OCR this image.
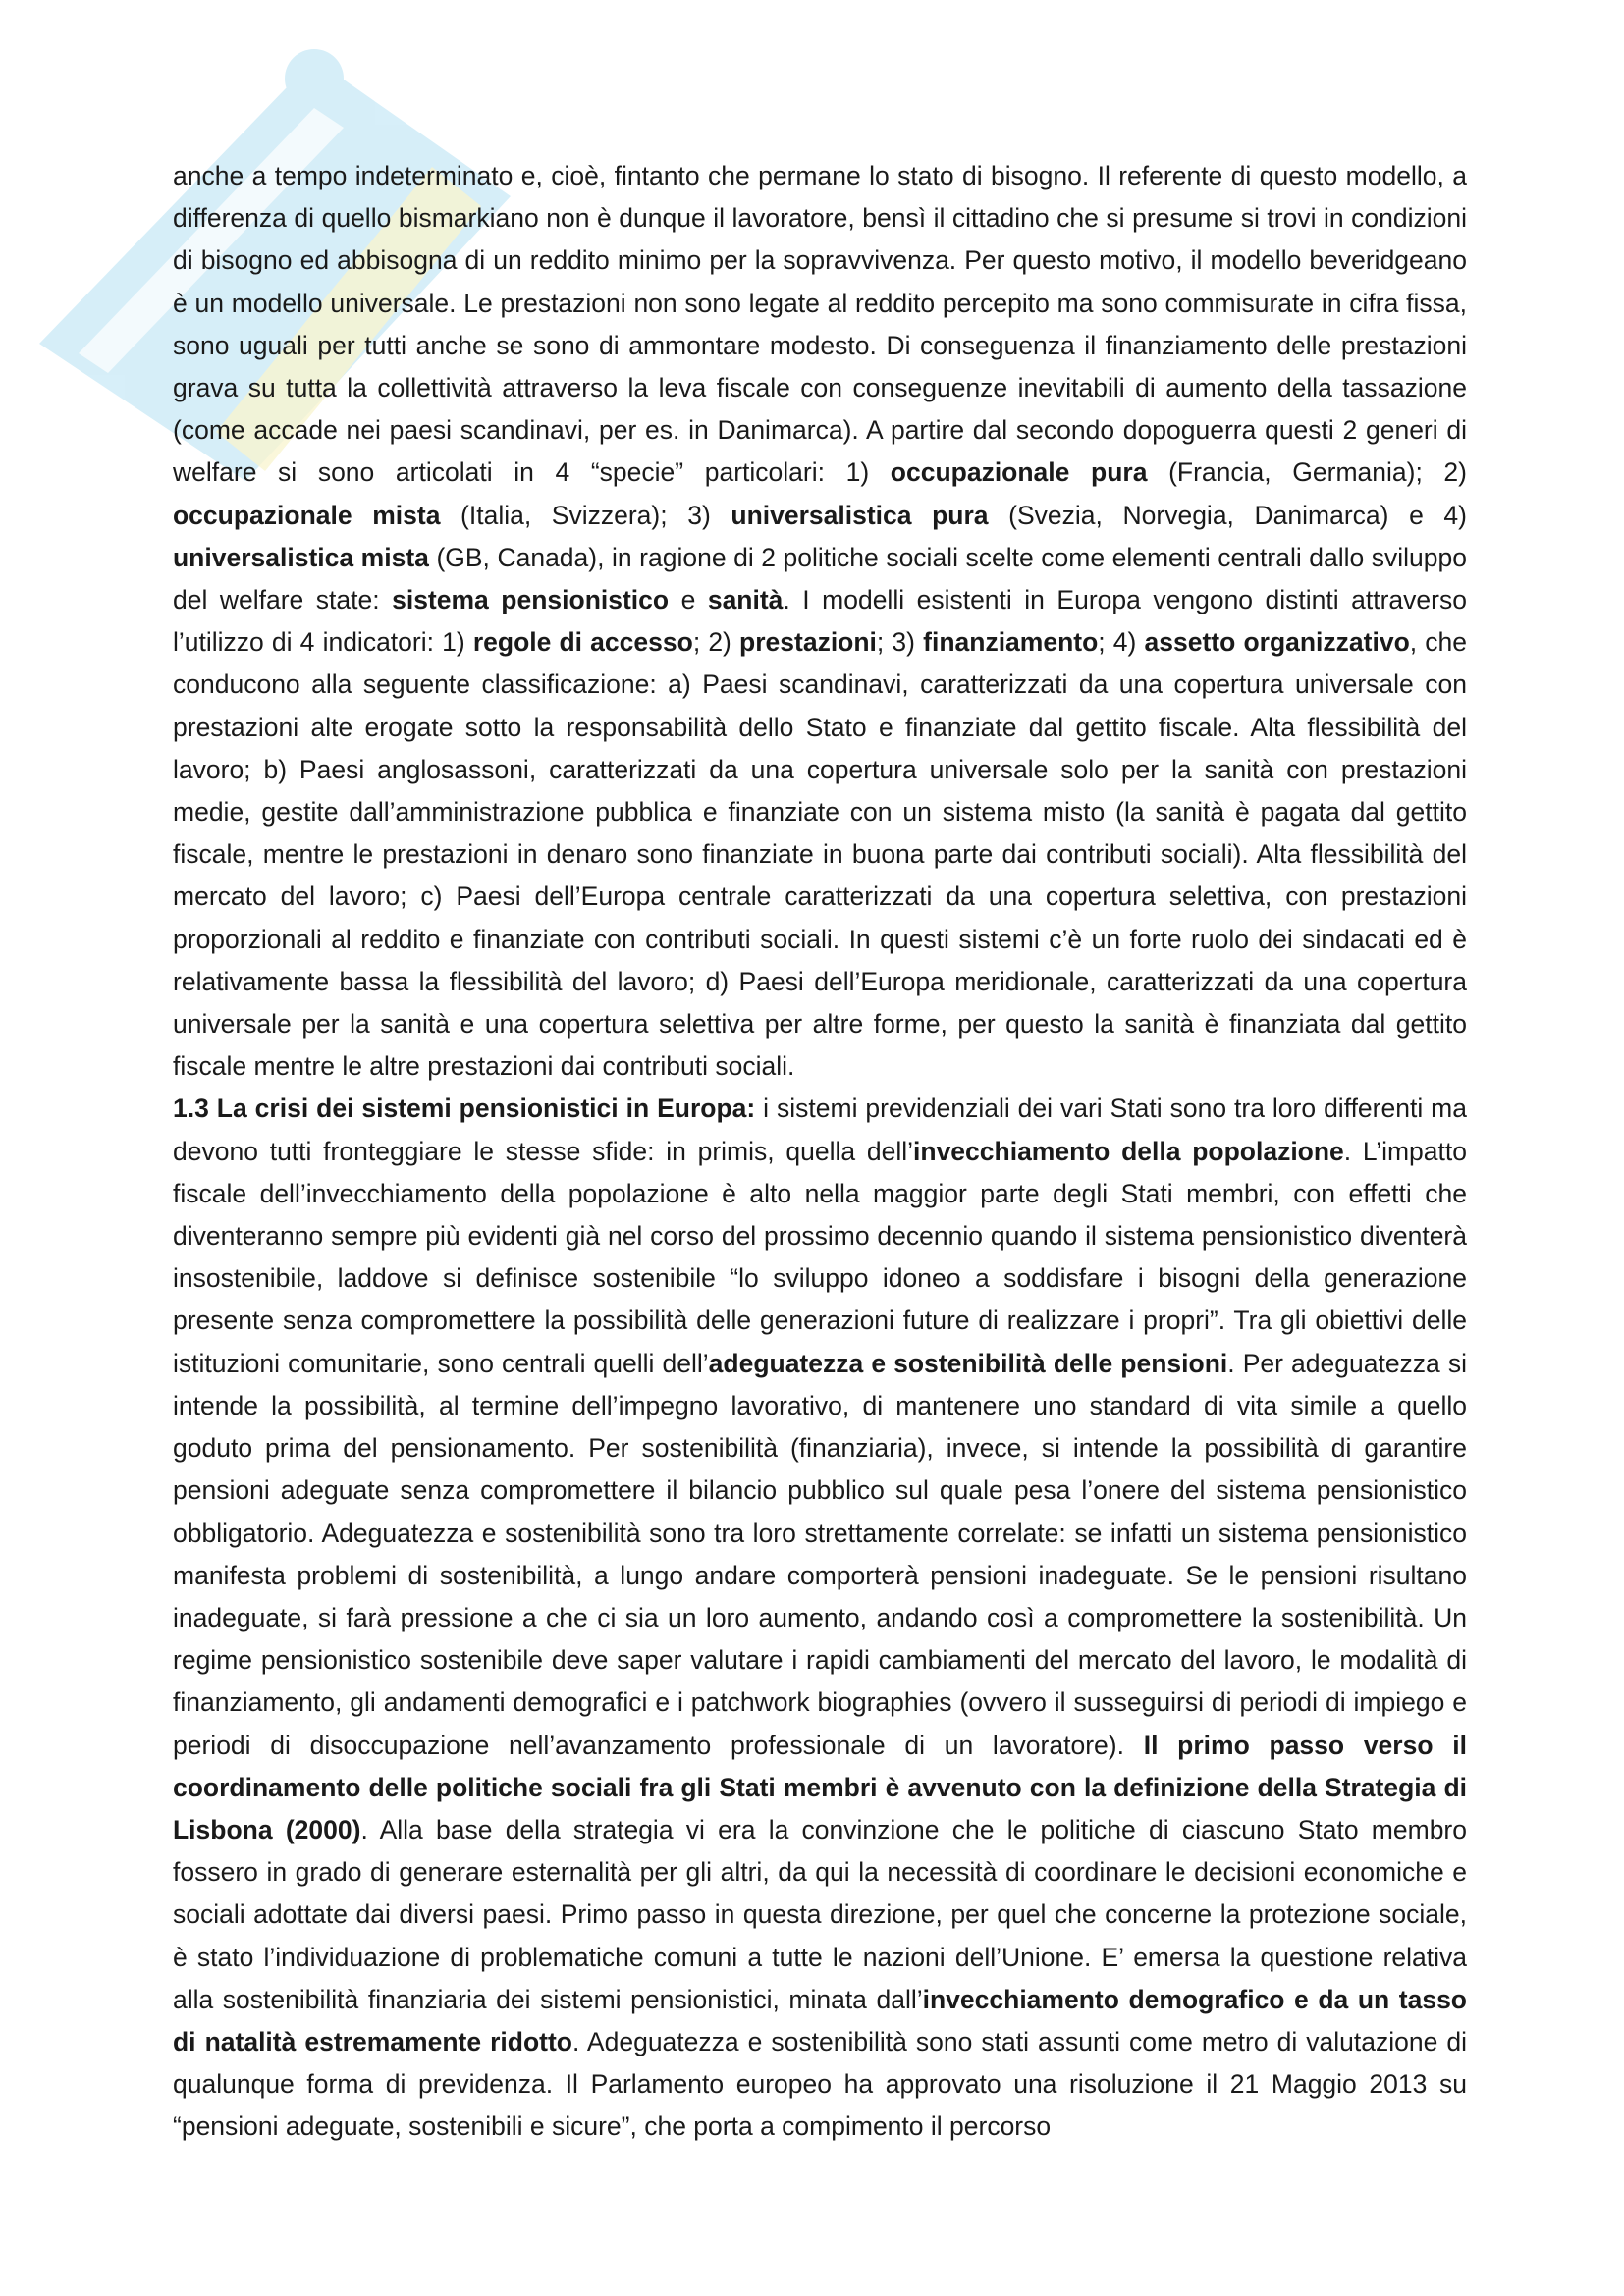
anche a tempo indeterminato e, cioè, fintanto che permane lo stato di bisogno. Il referente di questo modello, a differenza di quello bismarkiano non è dunque il lavoratore, bensì il cittadino che si presume si trovi in condizioni di bisogno ed abbisogna di un reddito minimo per la sopravvivenza. Per questo motivo, il modello beveridgeano è un modello universale. Le prestazioni non sono legate al reddito percepito ma sono commisurate in cifra fissa, sono uguali per tutti anche se sono di ammontare modesto. Di conseguenza il finanziamento delle prestazioni grava su tutta la collettività attraverso la leva fiscale con conseguenze inevitabili di aumento della tassazione (come accade nei paesi scandinavi, per es. in Danimarca). A partire dal secondo dopoguerra questi 2 generi di welfare si sono articolati in 4 “specie” particolari: 1) occupazionale pura (Francia, Germania); 2) occupazionale mista (Italia, Svizzera); 3) universalistica pura (Svezia, Norvegia, Danimarca) e 4) universalistica mista (GB, Canada), in ragione di 2 politiche sociali scelte come elementi centrali dallo sviluppo del welfare state: sistema pensionistico e sanità. I modelli esistenti in Europa vengono distinti attraverso l’utilizzo di 4 indicatori: 1) regole di accesso; 2) prestazioni; 3) finanziamento; 4) assetto organizzativo, che conducono alla seguente classificazione: a) Paesi scandinavi, caratterizzati da una copertura universale con prestazioni alte erogate sotto la responsabilità dello Stato e finanziate dal gettito fiscale. Alta flessibilità del lavoro; b) Paesi anglosassoni, caratterizzati da una copertura universale solo per la sanità con prestazioni medie, gestite dall’amministrazione pubblica e finanziate con un sistema misto (la sanità è pagata dal gettito fiscale, mentre le prestazioni in denaro sono finanziate in buona parte dai contributi sociali). Alta flessibilità del mercato del lavoro; c) Paesi dell’Europa centrale caratterizzati da una copertura selettiva, con prestazioni proporzionali al reddito e finanziate con contributi sociali. In questi sistemi c’è un forte ruolo dei sindacati ed è relativamente bassa la flessibilità del lavoro; d) Paesi dell’Europa meridionale, caratterizzati da una copertura universale per la sanità e una copertura selettiva per altre forme, per questo la sanità è finanziata dal gettito fiscale mentre le altre prestazioni dai contributi sociali.

1.3 La crisi dei sistemi pensionistici in Europa: i sistemi previdenziali dei vari Stati sono tra loro differenti ma devono tutti fronteggiare le stesse sfide: in primis, quella dell’invecchiamento della popolazione. L’impatto fiscale dell’invecchiamento della popolazione è alto nella maggior parte degli Stati membri, con effetti che diventeranno sempre più evidenti già nel corso del prossimo decennio quando il sistema pensionistico diventerà insostenibile, laddove si definisce sostenibile “lo sviluppo idoneo a soddisfare i bisogni della generazione presente senza compromettere la possibilità delle generazioni future di realizzare i propri”. Tra gli obiettivi delle istituzioni comunitarie, sono centrali quelli dell’adeguatezza e sostenibilità delle pensioni. Per adeguatezza si intende la possibilità, al termine dell’impegno lavorativo, di mantenere uno standard di vita simile a quello goduto prima del pensionamento. Per sostenibilità (finanziaria), invece, si intende la possibilità di garantire pensioni adeguate senza compromettere il bilancio pubblico sul quale pesa l’onere del sistema pensionistico obbligatorio. Adeguatezza e sostenibilità sono tra loro strettamente correlate: se infatti un sistema pensionistico manifesta problemi di sostenibilità, a lungo andare comporterà pensioni inadeguate. Se le pensioni risultano inadeguate, si farà pressione a che ci sia un loro aumento, andando così a compromettere la sostenibilità. Un regime pensionistico sostenibile deve saper valutare i rapidi cambiamenti del mercato del lavoro, le modalità di finanziamento, gli andamenti demografici e i patchwork biographies (ovvero il susseguirsi di periodi di impiego e periodi di disoccupazione nell’avanzamento professionale di un lavoratore). Il primo passo verso il coordinamento delle politiche sociali fra gli Stati membri è avvenuto con la definizione della Strategia di Lisbona (2000). Alla base della strategia vi era la convinzione che le politiche di ciascuno Stato membro fossero in grado di generare esternalità per gli altri, da qui la necessità di coordinare le decisioni economiche e sociali adottate dai diversi paesi. Primo passo in questa direzione, per quel che concerne la protezione sociale, è stato l’individuazione di problematiche comuni a tutte le nazioni dell’Unione. E’ emersa la questione relativa alla sostenibilità finanziaria dei sistemi pensionistici, minata dall’invecchiamento demografico e da un tasso di natalità estremamente ridotto. Adeguatezza e sostenibilità sono stati assunti come metro di valutazione di qualunque forma di previdenza. Il Parlamento europeo ha approvato una risoluzione il 21 Maggio 2013 su “pensioni adeguate, sostenibili e sicure”, che porta a compimento il percorso
